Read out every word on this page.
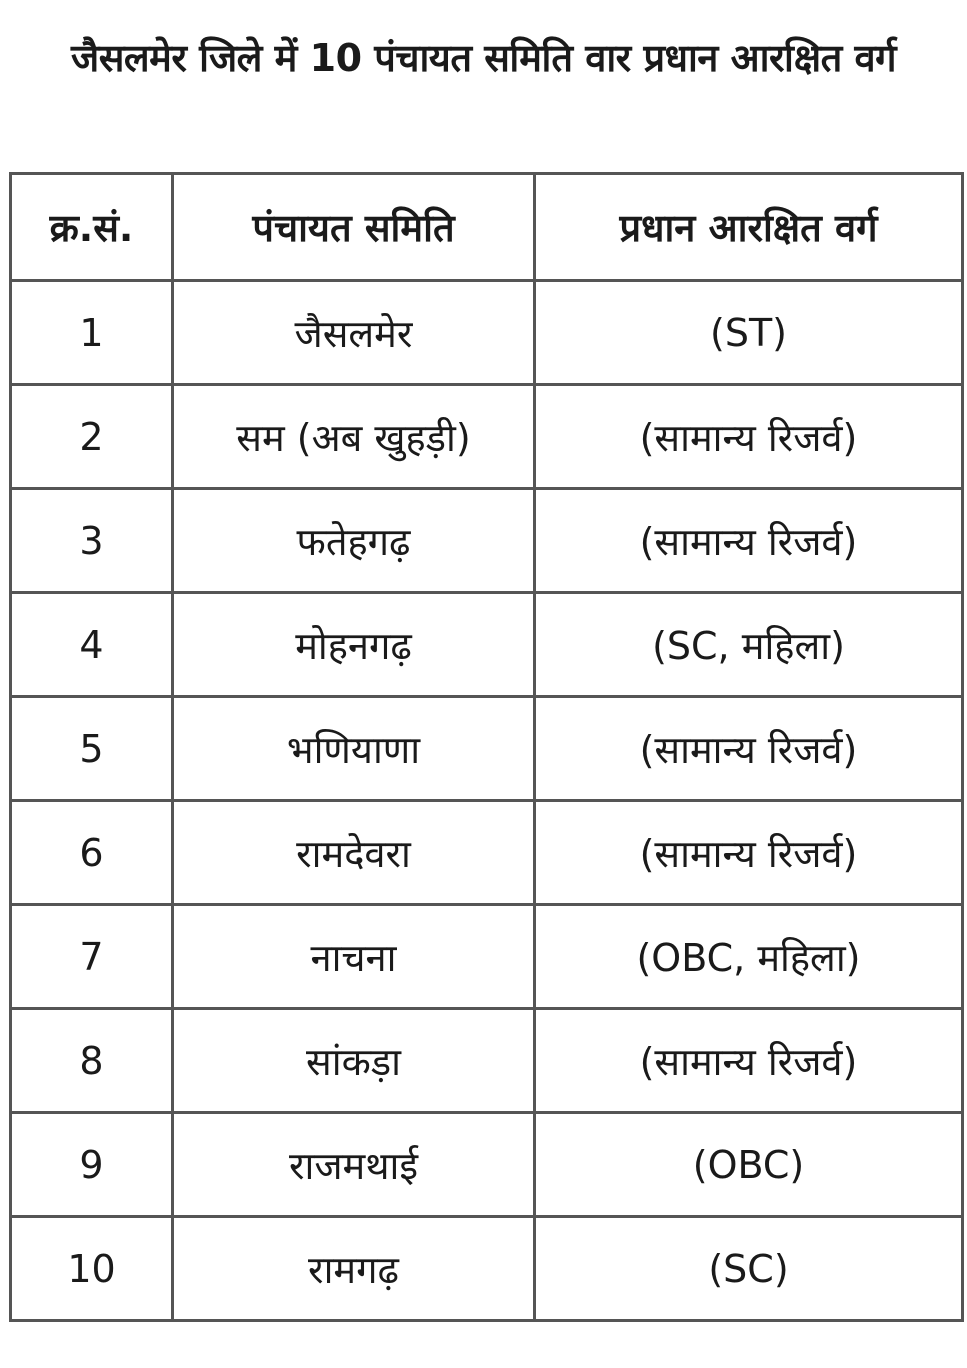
जैसलमेर जिले में 10 पंचायत समिति वार प्रधान आरक्षित वर्ग
क्र.सं.	पंचायत समिति	प्रधान आरक्षित वर्ग
1	जैसलमेर	(ST)
2	सम (अब खुहड़ी)	(सामान्य रिजर्व)
3	फतेहगढ़	(सामान्य रिजर्व)
4	मोहनगढ़	(SC, महिला)
5	भणियाणा	(सामान्य रिजर्व)
6	रामदेवरा	(सामान्य रिजर्व)
7	नाचना	(OBC, महिला)
8	सांकड़ा	(सामान्य रिजर्व)
9	राजमथाई	(OBC)
10	रामगढ़	(SC)
